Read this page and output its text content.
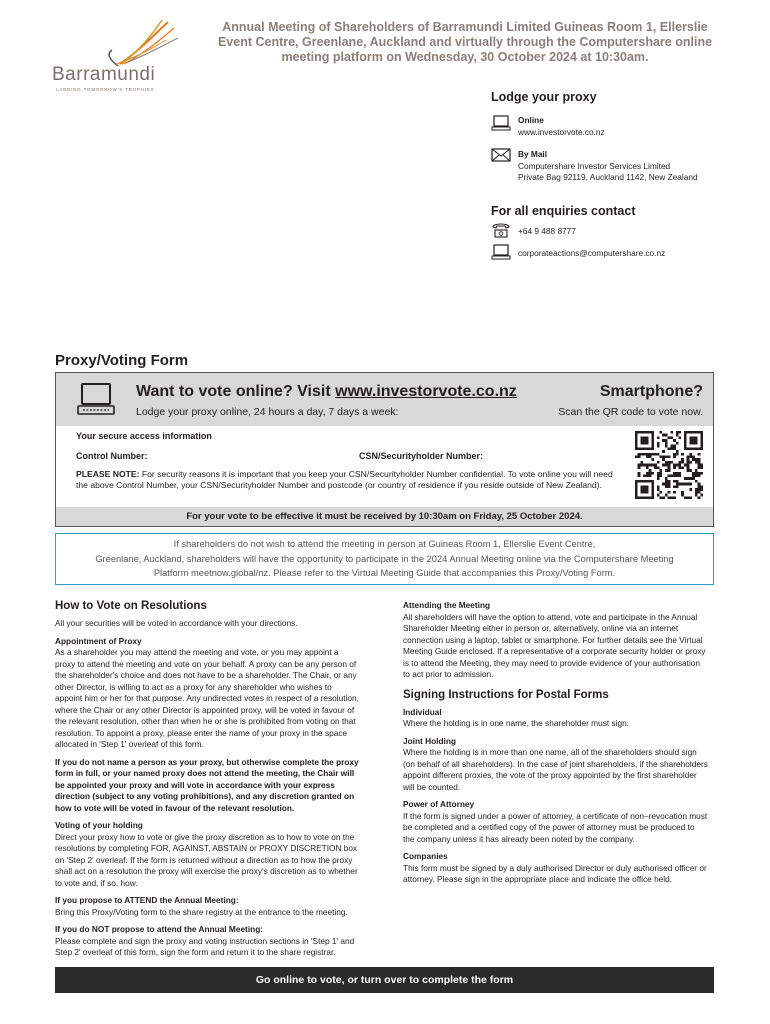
Barramundi
LANDING TOMORROW'S TROPHIES
Annual Meeting of Shareholders of Barramundi Limited Guineas Room 1, Ellerslie Event Centre, Greenlane, Auckland and virtually through the Computershare online meeting platform on Wednesday, 30 October 2024 at 10:30am.
Lodge your proxy
Online
www.investorvote.co.nz
By Mail
Computershare Investor Services Limited
Private Bag 92119, Auckland 1142, New Zealand
For all enquiries contact
+64 9 488 8777
corporateactions@computershare.co.nz
Proxy/Voting Form
Want to vote online? Visit www.investorvote.co.nz
Lodge your proxy online, 24 hours a day, 7 days a week:
Smartphone?
Scan the QR code to vote now.
Your secure access information
Control Number:	CSN/Securityholder Number:
PLEASE NOTE: For security reasons it is important that you keep your CSN/Securityholder Number confidential. To vote online you will need the above Control Number, your CSN/Securityholder Number and postcode (or country of residence if you reside outside of New Zealand).
For your vote to be effective it must be received by 10:30am on Friday, 25 October 2024.
If shareholders do not wish to attend the meeting in person at Guineas Room 1, Ellerslie Event Centre,
Greenlane, Auckland, shareholders will have the opportunity to participate in the 2024 Annual Meeting online via the Computershare Meeting
Platform meetnow.global/nz. Please refer to the Virtual Meeting Guide that accompanies this Proxy/Voting Form.
How to Vote on Resolutions
All your securities will be voted in accordance with your directions.
Appointment of Proxy
As a shareholder you may attend the meeting and vote, or you may appoint a proxy to attend the meeting and vote on your behalf. A proxy can be any person of the shareholder's choice and does not have to be a shareholder. The Chair, or any other Director, is willing to act as a proxy for any shareholder who wishes to appoint him or her for that purpose. Any undirected votes in respect of a resolution, where the Chair or any other Director is appointed proxy, will be voted in favour of the relevant resolution, other than when he or she is prohibited from voting on that resolution. To appoint a proxy, please enter the name of your proxy in the space allocated in 'Step 1' overleaf of this form.
If you do not name a person as your proxy, but otherwise complete the proxy form in full, or your named proxy does not attend the meeting, the Chair will be appointed your proxy and will vote in accordance with your express direction (subject to any voting prohibitions), and any discretion granted on how to vote will be voted in favour of the relevant resolution.
Voting of your holding
Direct your proxy how to vote or give the proxy discretion as to how to vote on the resolutions by completing FOR, AGAINST, ABSTAIN or PROXY DISCRETION box on 'Step 2' overleaf. If the form is returned without a direction as to how the proxy shall act on a resolution the proxy will exercise the proxy's discretion as to whether to vote and, if so, how.
If you propose to ATTEND the Annual Meeting:
Bring this Proxy/Voting form to the share registry at the entrance to the meeting.
If you do NOT propose to attend the Annual Meeting:
Please complete and sign the proxy and voting instruction sections in 'Step 1' and Step 2' overleaf of this form, sign the form and return it to the share registrar.
Attending the Meeting
All shareholders will have the option to attend, vote and participate in the Annual Shareholder Meeting either in person or, alternatively, online via an internet connection using a laptop, tablet or smartphone. For further details see the Virtual Meeting Guide enclosed. If a representative of a corporate security holder or proxy is to attend the Meeting, they may need to provide evidence of your authorisation to act prior to admission.
Signing Instructions for Postal Forms
Individual
Where the holding is in one name, the shareholder must sign.
Joint Holding
Where the holding is in more than one name, all of the shareholders should sign (on behalf of all shareholders). In the case of joint shareholders, if the shareholders appoint different proxies, the vote of the proxy appointed by the first shareholder will be counted.
Power of Attorney
If the form is signed under a power of attorney, a certificate of non–revocation must be completed and a certified copy of the power of attorney must be produced to the company unless it has already been noted by the company.
Companies
This form must be signed by a duly authorised Director or duly authorised officer or attorney. Please sign in the appropriate place and indicate the office held.
Go online to vote, or turn over to complete the form
